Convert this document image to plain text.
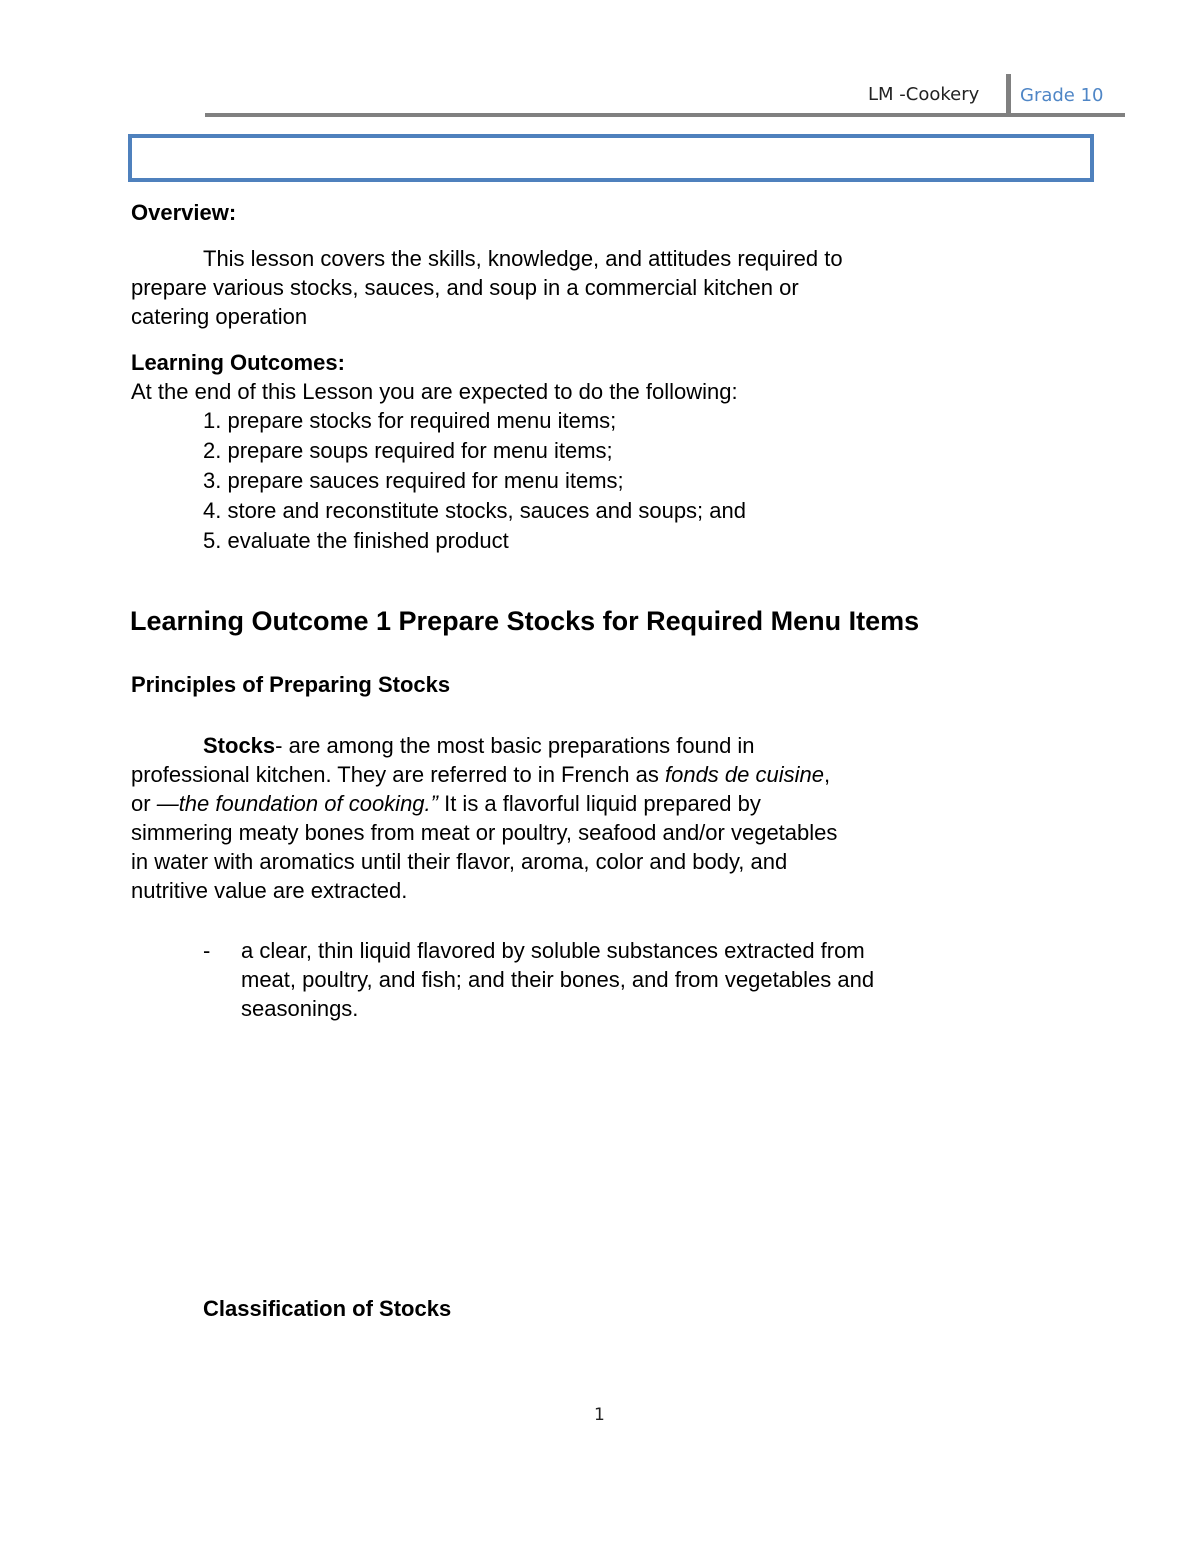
LM -Cookery Grade 10
Overview:
This lesson covers the skills, knowledge, and attitudes required to
prepare various stocks, sauces, and soup in a commercial kitchen or
catering operation
Learning Outcomes:
At the end of this Lesson you are expected to do the following:
1. prepare stocks for required menu items;
2. prepare soups required for menu items;
3. prepare sauces required for menu items;
4. store and reconstitute stocks, sauces and soups; and
5. evaluate the finished product
Learning Outcome 1 Prepare Stocks for Required Menu Items
Principles of Preparing Stocks
Stocks- are among the most basic preparations found in
professional kitchen. They are referred to in French as fonds de cuisine,
or —the foundation of cooking.” It is a flavorful liquid prepared by
simmering meaty bones from meat or poultry, seafood and/or vegetables
in water with aromatics until their flavor, aroma, color and body, and
nutritive value are extracted.
- a clear, thin liquid flavored by soluble substances extracted from
meat, poultry, and fish; and their bones, and from vegetables and
seasonings.
Classification of Stocks
1
